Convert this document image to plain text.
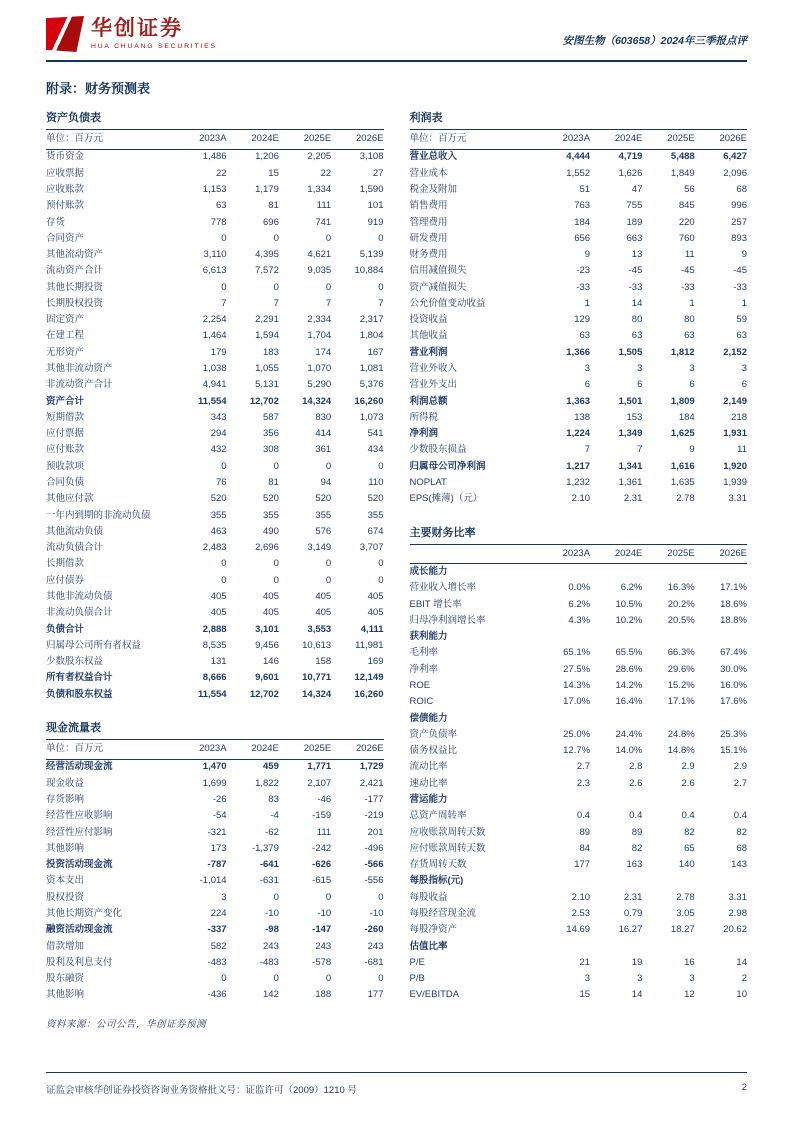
华创证券
HUA CHUANG SECURITIES	安图生物（603658）2024年三季报点评
附录：财务预测表
资产负债表
单位：百万元	2023A	2024E	2025E	2026E
货币资金	1,486	1,206	2,205	3,108
应收票据	22	15	22	27
应收账款	1,153	1,179	1,334	1,590
预付账款	63	81	111	101
存货	778	696	741	919
合同资产	0	0	0	0
其他流动资产	3,110	4,395	4,621	5,139
流动资产合计	6,613	7,572	9,035	10,884
其他长期投资	0	0	0	0
长期股权投资	7	7	7	7
固定资产	2,254	2,291	2,334	2,317
在建工程	1,464	1,594	1,704	1,804
无形资产	179	183	174	167
其他非流动资产	1,038	1,055	1,070	1,081
非流动资产合计	4,941	5,131	5,290	5,376
资产合计	11,554	12,702	14,324	16,260
短期借款	343	587	830	1,073
应付票据	294	356	414	541
应付账款	432	308	361	434
预收款项	0	0	0	0
合同负债	76	81	94	110
其他应付款	520	520	520	520
一年内到期的非流动负债	355	355	355	355
其他流动负债	463	490	576	674
流动负债合计	2,483	2,696	3,149	3,707
长期借款	0	0	0	0
应付债券	0	0	0	0
其他非流动负债	405	405	405	405
非流动负债合计	405	405	405	405
负债合计	2,888	3,101	3,553	4,111
归属母公司所有者权益	8,535	9,456	10,613	11,981
少数股东权益	131	146	158	169
所有者权益合计	8,666	9,601	10,771	12,149
负债和股东权益	11,554	12,702	14,324	16,260
现金流量表
单位：百万元	2023A	2024E	2025E	2026E
经营活动现金流	1,470	459	1,771	1,729
现金收益	1,699	1,822	2,107	2,421
存货影响	-26	83	-46	-177
经营性应收影响	-54	-4	-159	-219
经营性应付影响	-321	-62	111	201
其他影响	173	-1,379	-242	-496
投资活动现金流	-787	-641	-626	-566
资本支出	-1,014	-631	-615	-556
股权投资	3	0	0	0
其他长期资产变化	224	-10	-10	-10
融资活动现金流	-337	-98	-147	-260
借款增加	582	243	243	243
股利及利息支付	-483	-483	-578	-681
股东融资	0	0	0	0
其他影响	-436	142	188	177
资料来源：公司公告，华创证券预测
利润表
单位：百万元	2023A	2024E	2025E	2026E
营业总收入	4,444	4,719	5,488	6,427
营业成本	1,552	1,626	1,849	2,096
税金及附加	51	47	56	68
销售费用	763	755	845	996
管理费用	184	189	220	257
研发费用	656	663	760	893
财务费用	9	13	11	9
信用减值损失	-23	-45	-45	-45
资产减值损失	-33	-33	-33	-33
公允价值变动收益	1	14	1	1
投资收益	129	80	80	59
其他收益	63	63	63	63
营业利润	1,366	1,505	1,812	2,152
营业外收入	3	3	3	3
营业外支出	6	6	6	6
利润总额	1,363	1,501	1,809	2,149
所得税	138	153	184	218
净利润	1,224	1,349	1,625	1,931
少数股东损益	7	7	9	11
归属母公司净利润	1,217	1,341	1,616	1,920
NOPLAT	1,232	1,361	1,635	1,939
EPS(摊薄)（元）	2.10	2.31	2.78	3.31
主要财务比率
	2023A	2024E	2025E	2026E
成长能力				
营业收入增长率	0.0%	6.2%	16.3%	17.1%
EBIT 增长率	6.2%	10.5%	20.2%	18.6%
归母净利润增长率	4.3%	10.2%	20.5%	18.8%
获利能力				
毛利率	65.1%	65.5%	66.3%	67.4%
净利率	27.5%	28.6%	29.6%	30.0%
ROE	14.3%	14.2%	15.2%	16.0%
ROIC	17.0%	16.4%	17.1%	17.6%
偿债能力				
资产负债率	25.0%	24.4%	24.8%	25.3%
债务权益比	12.7%	14.0%	14.8%	15.1%
流动比率	2.7	2.8	2.9	2.9
速动比率	2.3	2.6	2.6	2.7
营运能力				
总资产周转率	0.4	0.4	0.4	0.4
应收账款周转天数	89	89	82	82
应付账款周转天数	84	82	65	68
存货周转天数	177	163	140	143
每股指标(元)				
每股收益	2.10	2.31	2.78	3.31
每股经营现金流	2.53	0.79	3.05	2.98
每股净资产	14.69	16.27	18.27	20.62
估值比率				
P/E	21	19	16	14
P/B	3	3	3	2
EV/EBITDA	15	14	12	10
证监会审核华创证券投资咨询业务资格批文号：证监许可（2009）1210 号	2
